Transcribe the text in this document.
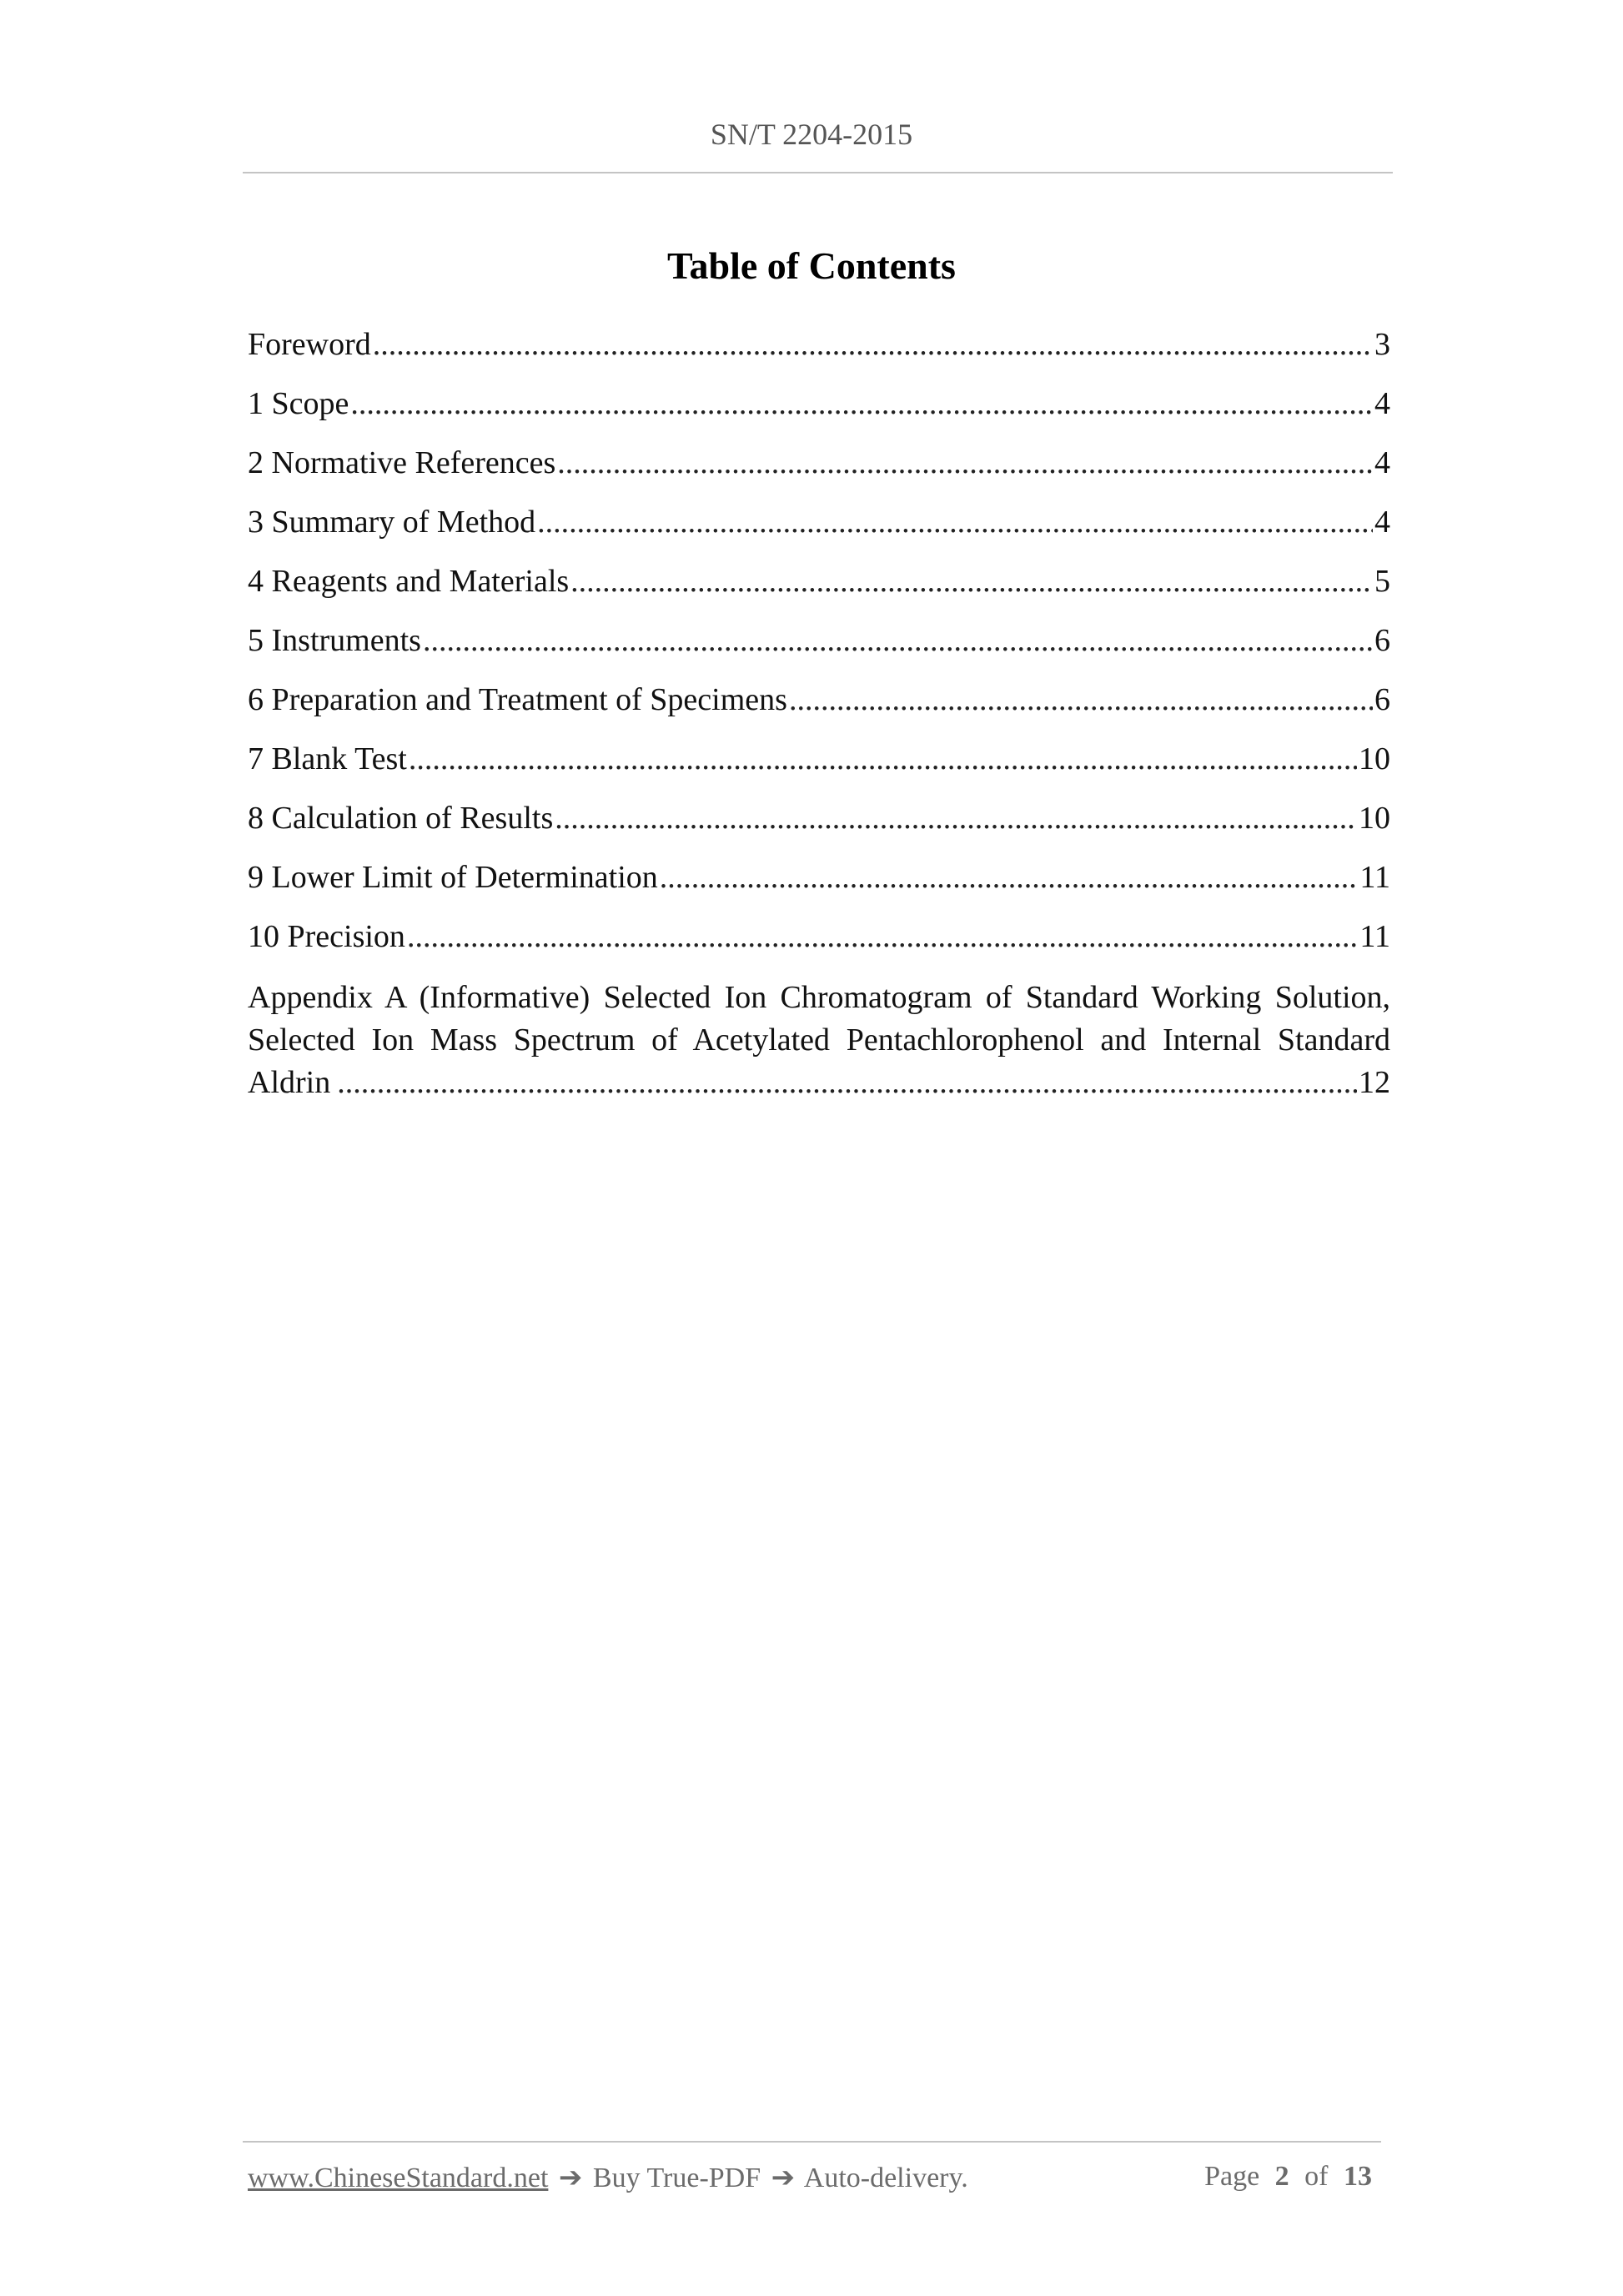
SN/T 2204-2015
Table of Contents
Foreword .....	3
1 Scope .....	4
2 Normative References .....	4
3 Summary of Method .....	4
4 Reagents and Materials .....	5
5 Instruments .....	6
6 Preparation and Treatment of Specimens .....	6
7 Blank Test .....	10
8 Calculation of Results .....	10
9 Lower Limit of Determination .....	11
10 Precision .....	11
Appendix A (Informative) Selected Ion Chromatogram of Standard Working Solution,
Selected Ion Mass Spectrum of Acetylated Pentachlorophenol and Internal Standard
Aldrin .....	12
www.ChineseStandard.net ➔ Buy True-PDF ➔ Auto-delivery.	Page 2 of 13
